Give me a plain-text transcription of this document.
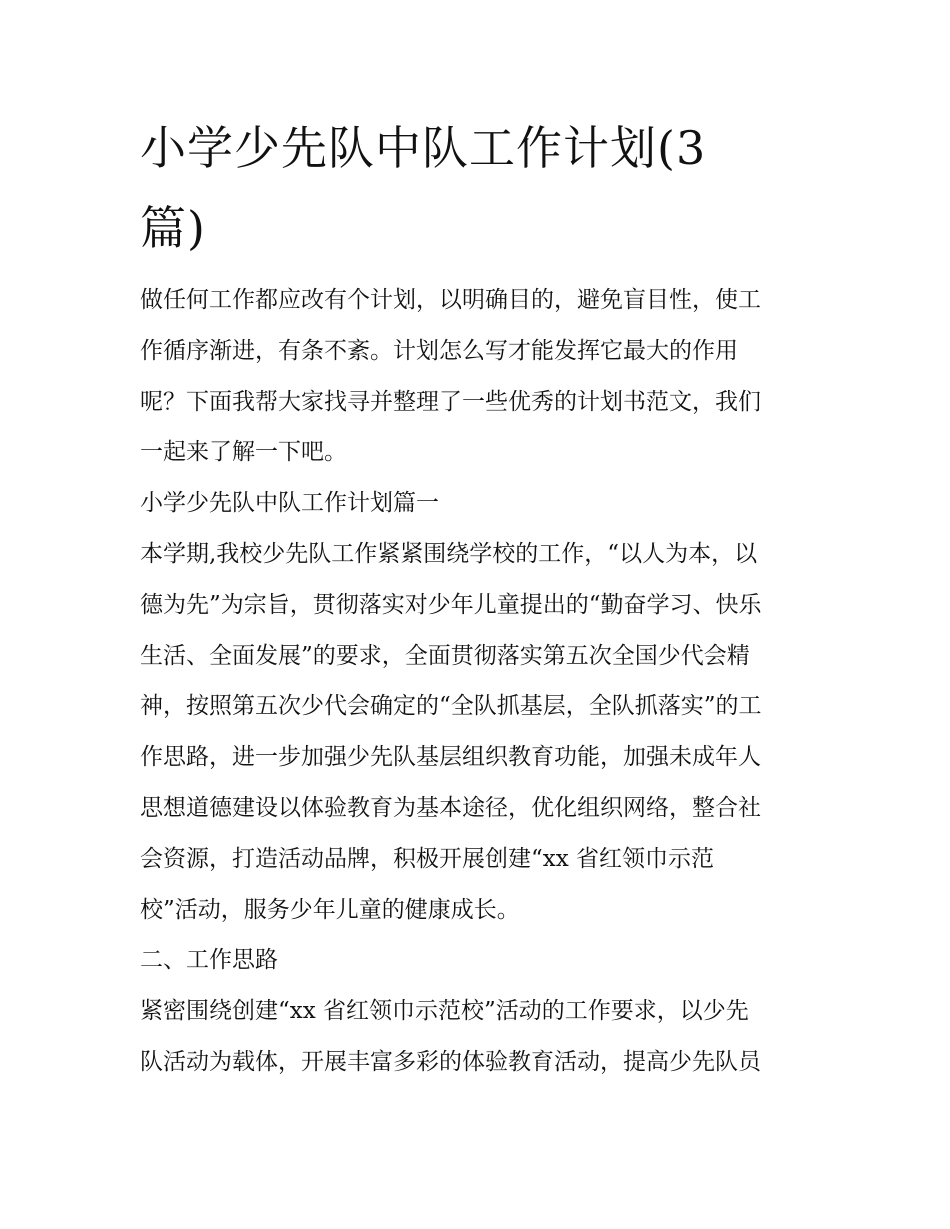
小学少先队中队工作计划(3
篇)
做任何工作都应改有个计划，以明确目的，避免盲目性，使工
作循序渐进，有条不紊。计划怎么写才能发挥它最大的作用
呢？下面我帮大家找寻并整理了一些优秀的计划书范文，我们
一起来了解一下吧。
小学少先队中队工作计划篇一
本学期,我校少先队工作紧紧围绕学校的工作，“以人为本，以
德为先”为宗旨，贯彻落实对少年儿童提出的“勤奋学习、快乐
生活、全面发展”的要求，全面贯彻落实第五次全国少代会精
神，按照第五次少代会确定的“全队抓基层，全队抓落实”的工
作思路，进一步加强少先队基层组织教育功能，加强未成年人
思想道德建设以体验教育为基本途径，优化组织网络，整合社
会资源，打造活动品牌，积极开展创建“xx 省红领巾示范
校”活动，服务少年儿童的健康成长。
二、工作思路
紧密围绕创建“xx 省红领巾示范校”活动的工作要求，以少先
队活动为载体，开展丰富多彩的体验教育活动，提高少先队员
